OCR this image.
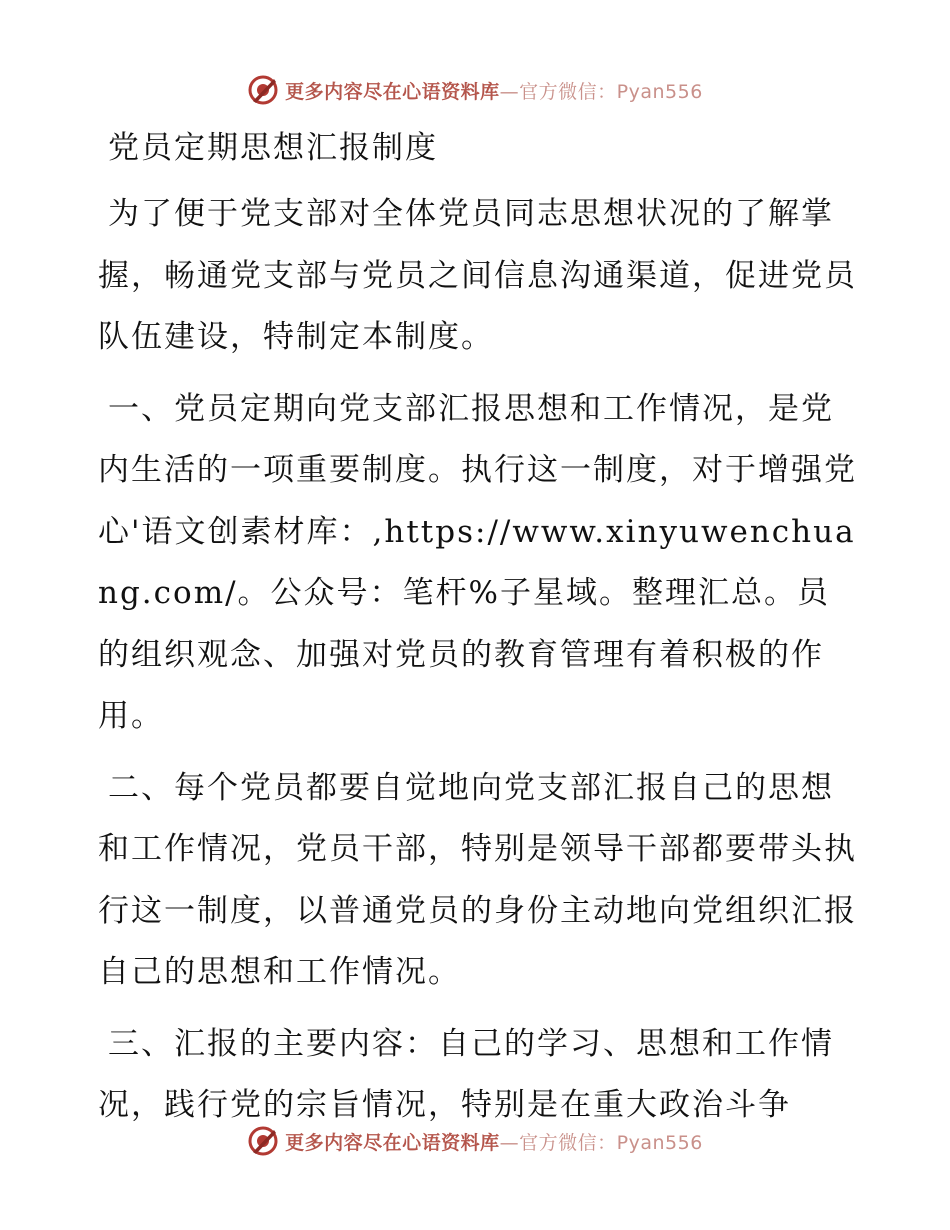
更多内容尽在心语资料库—官方微信：Pyan556
党员定期思想汇报制度

为了便于党支部对全体党员同志思想状况的了解掌握，畅通党支部与党员之间信息沟通渠道，促进党员队伍建设，特制定本制度。

一、党员定期向党支部汇报思想和工作情况，是党内生活的一项重要制度。执行这一制度，对于增强党心'语文创素材库：,https://www.xinyuwenchuang.com/。公众号：笔杆%子星域。整理汇总。员的组织观念、加强对党员的教育管理有着积极的作用。

二、每个党员都要自觉地向党支部汇报自己的思想和工作情况，党员干部，特别是领导干部都要带头执行这一制度，以普通党员的身份主动地向党组织汇报自己的思想和工作情况。

三、汇报的主要内容：自己的学习、思想和工作情况，践行党的宗旨情况，特别是在重大政治斗争

更多内容尽在心语资料库—官方微信：Pyan556
